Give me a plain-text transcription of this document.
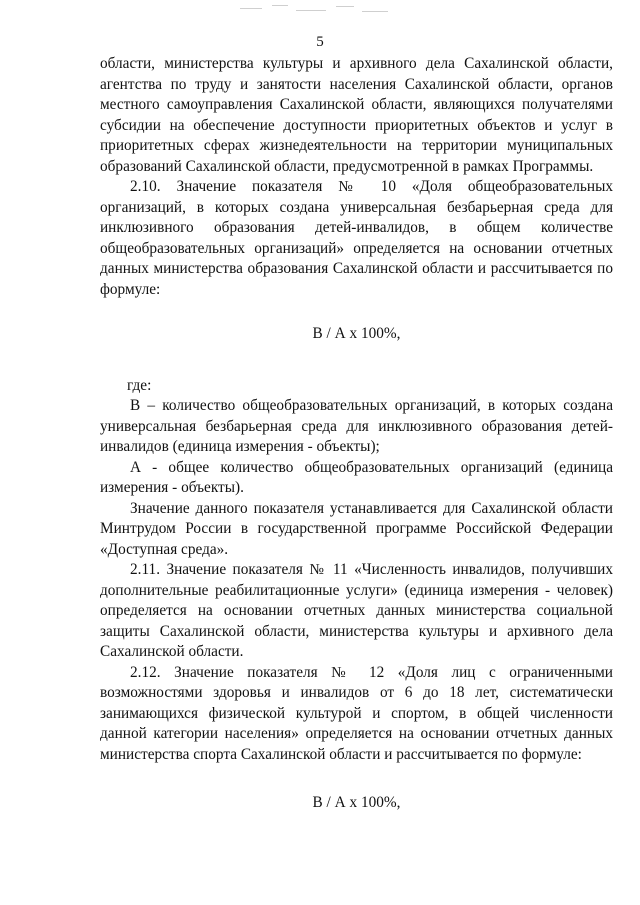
5

области, министерства культуры и архивного дела Сахалинской области, агентства по труду и занятости населения Сахалинской области, органов местного самоуправления Сахалинской области, являющихся получателями субсидии на обеспечение доступности приоритетных объектов и услуг в приоритетных сферах жизнедеятельности на территории муниципальных образований Сахалинской области, предусмотренной в рамках Программы.

2.10. Значение показателя № 10 «Доля общеобразовательных организаций, в которых создана универсальная безбарьерная среда для инклюзивного образования детей-инвалидов, в общем количестве общеобразовательных организаций» определяется на основании отчетных данных министерства образования Сахалинской области и рассчитывается по формуле:

В / А x 100%,

где:

В – количество общеобразовательных организаций, в которых создана универсальная безбарьерная среда для инклюзивного образования детей-инвалидов (единица измерения - объекты);

А - общее количество общеобразовательных организаций (единица измерения - объекты).

Значение данного показателя устанавливается для Сахалинской области Минтрудом России в государственной программе Российской Федерации «Доступная среда».

2.11. Значение показателя № 11 «Численность инвалидов, получивших дополнительные реабилитационные услуги» (единица измерения - человек) определяется на основании отчетных данных министерства социальной защиты Сахалинской области, министерства культуры и архивного дела Сахалинской области.

2.12. Значение показателя № 12 «Доля лиц с ограниченными возможностями здоровья и инвалидов от 6 до 18 лет, систематически занимающихся физической культурой и спортом, в общей численности данной категории населения» определяется на основании отчетных данных министерства спорта Сахалинской области и рассчитывается по формуле:

В / А x 100%,
